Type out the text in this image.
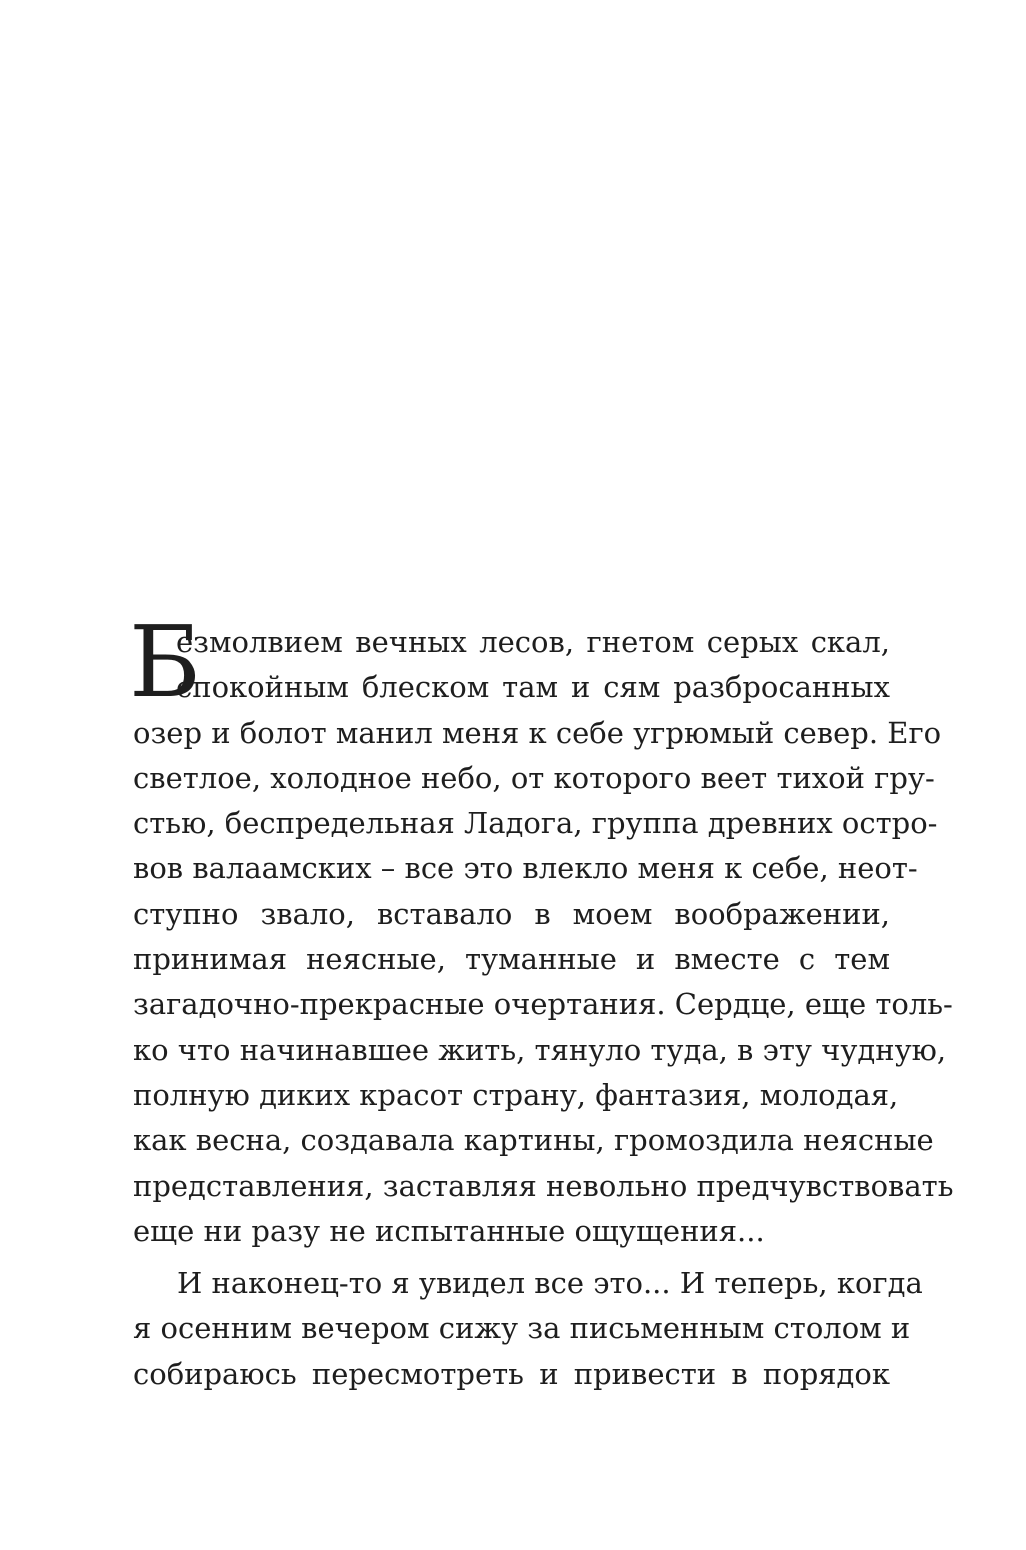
Б
езмолвием вечных лесов, гнетом серых скал,
спокойным блеском там и сям разбросанных
озер и болот манил меня к себе угрюмый север. Его
светлое, холодное небо, от которого веет тихой гру-
стью, беспредельная Ладога, группа древних остро-
вов валаамских – все это влекло меня к себе, неот-
ступно звало, вставало в моем воображении,
принимая неясные, туманные и вместе с тем
загадочно-прекрасные очертания. Сердце, еще толь-
ко что начинавшее жить, тянуло туда, в эту чудную,
полную диких красот страну, фантазия, молодая,
как весна, создавала картины, громоздила неясные
представления, заставляя невольно предчувствовать
еще ни разу не испытанные ощущения...
И наконец-то я увидел все это... И теперь, когда
я осенним вечером сижу за письменным столом и
собираюсь пересмотреть и привести в порядок
